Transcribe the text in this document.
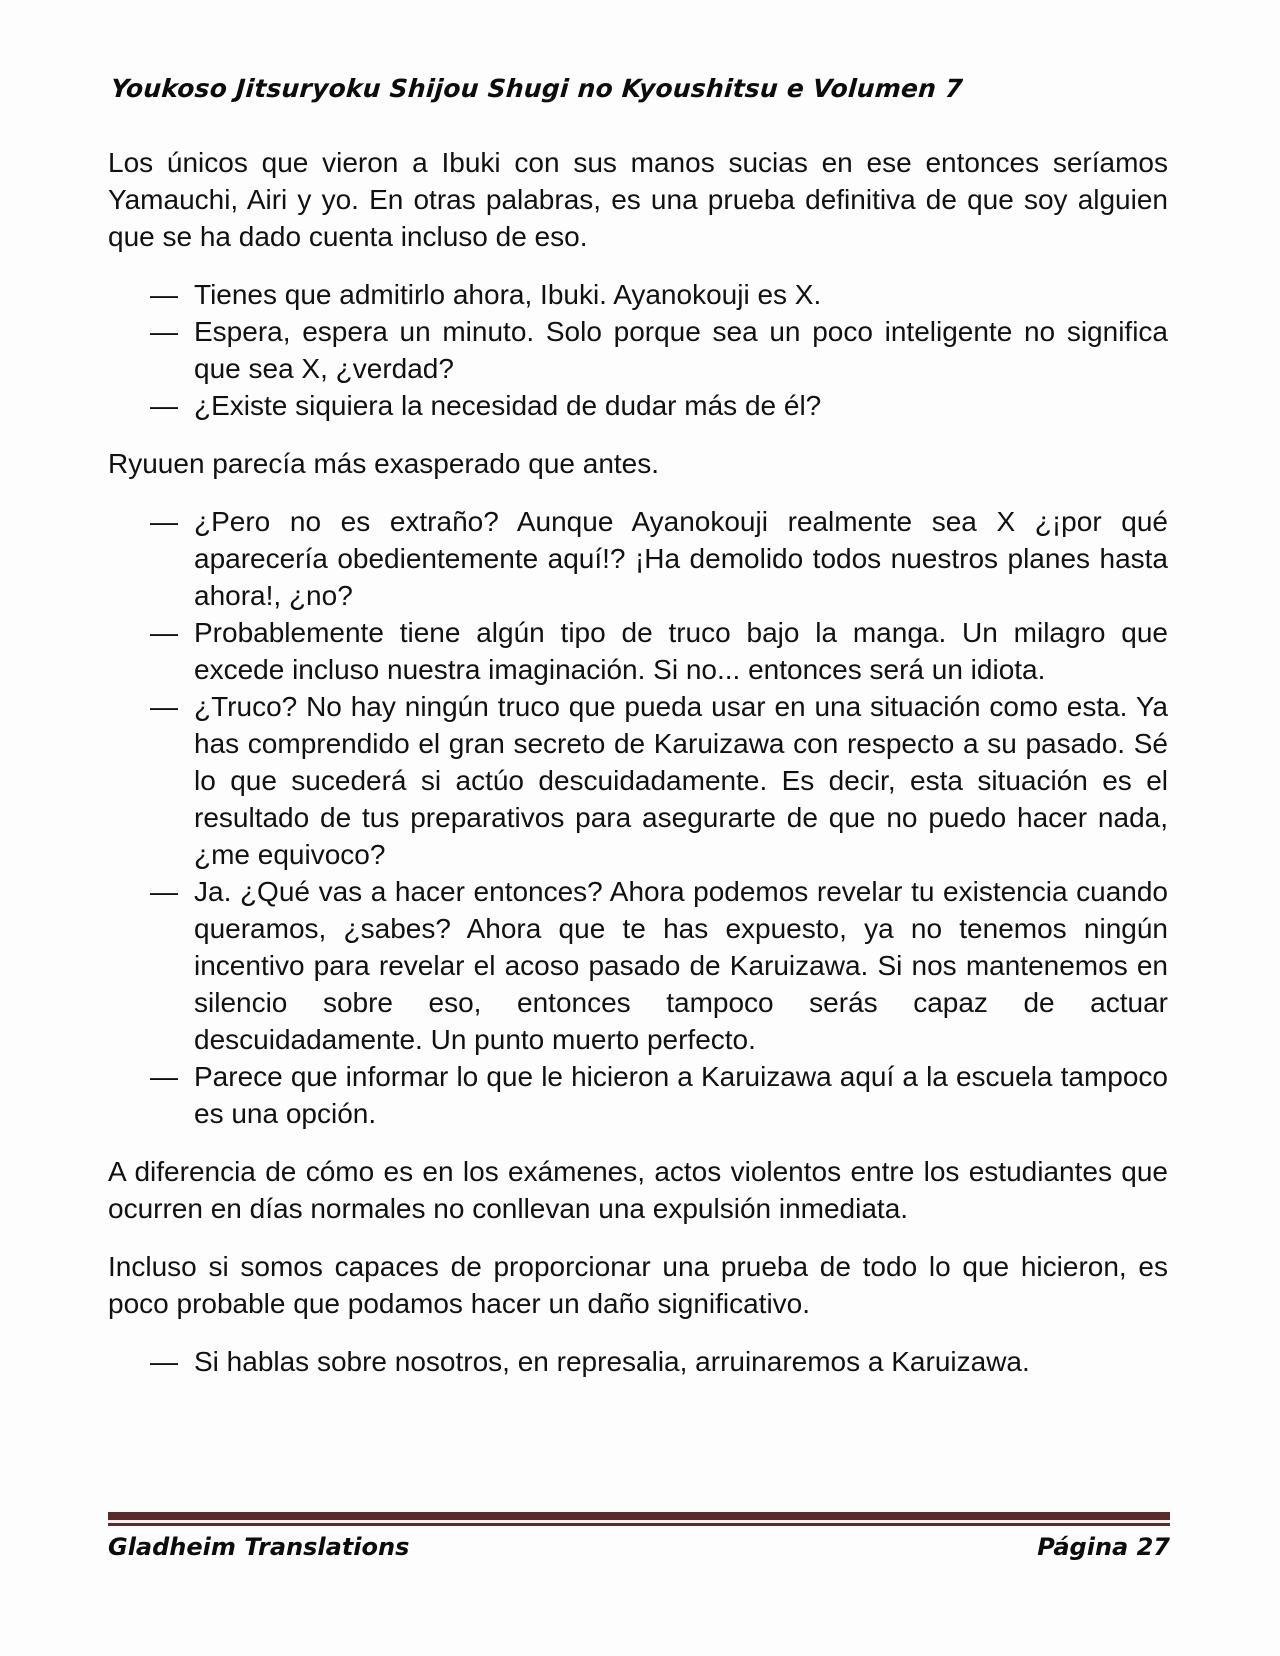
Youkoso Jitsuryoku Shijou Shugi no Kyoushitsu e Volumen 7

Los únicos que vieron a Ibuki con sus manos sucias en ese entonces seríamos Yamauchi, Airi y yo. En otras palabras, es una prueba definitiva de que soy alguien que se ha dado cuenta incluso de eso.

— Tienes que admitirlo ahora, Ibuki. Ayanokouji es X.
— Espera, espera un minuto. Solo porque sea un poco inteligente no significa que sea X, ¿verdad?
— ¿Existe siquiera la necesidad de dudar más de él?

Ryuuen parecía más exasperado que antes.

— ¿Pero no es extraño? Aunque Ayanokouji realmente sea X ¿¡por qué aparecería obedientemente aquí!? ¡Ha demolido todos nuestros planes hasta ahora!, ¿no?
— Probablemente tiene algún tipo de truco bajo la manga. Un milagro que excede incluso nuestra imaginación. Si no... entonces será un idiota.
— ¿Truco? No hay ningún truco que pueda usar en una situación como esta. Ya has comprendido el gran secreto de Karuizawa con respecto a su pasado. Sé lo que sucederá si actúo descuidadamente. Es decir, esta situación es el resultado de tus preparativos para asegurarte de que no puedo hacer nada, ¿me equivoco?
— Ja. ¿Qué vas a hacer entonces? Ahora podemos revelar tu existencia cuando queramos, ¿sabes? Ahora que te has expuesto, ya no tenemos ningún incentivo para revelar el acoso pasado de Karuizawa. Si nos mantenemos en silencio sobre eso, entonces tampoco serás capaz de actuar descuidadamente. Un punto muerto perfecto.
— Parece que informar lo que le hicieron a Karuizawa aquí a la escuela tampoco es una opción.

A diferencia de cómo es en los exámenes, actos violentos entre los estudiantes que ocurren en días normales no conllevan una expulsión inmediata.

Incluso si somos capaces de proporcionar una prueba de todo lo que hicieron, es poco probable que podamos hacer un daño significativo.

— Si hablas sobre nosotros, en represalia, arruinaremos a Karuizawa.
Gladheim Translations	Página 27
